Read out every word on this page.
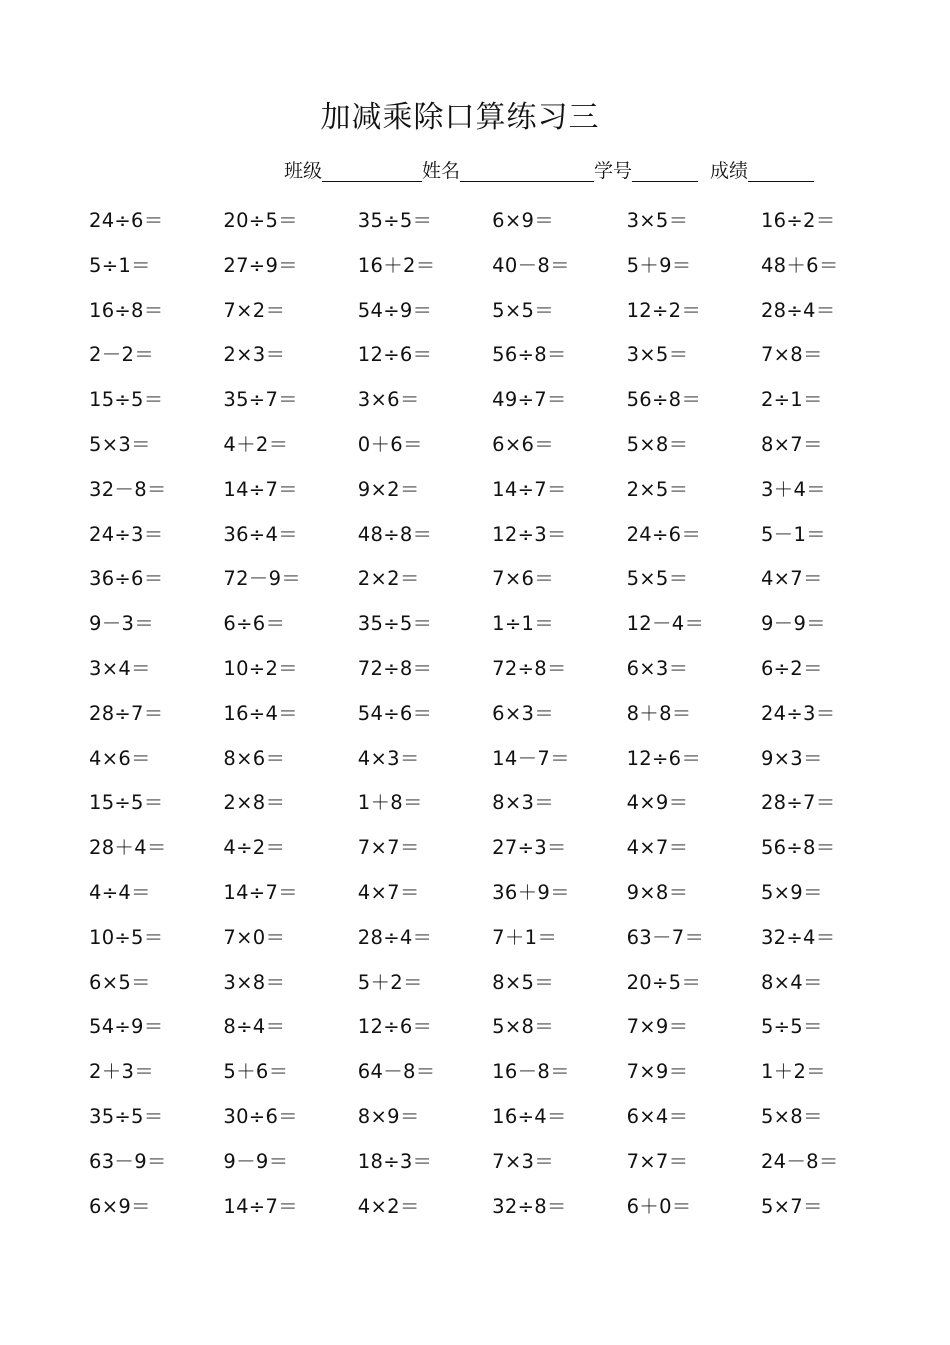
加减乘除口算练习三
班级	姓名	学号	成绩
24÷6＝	20÷5＝	35÷5＝	6×9＝	3×5＝	16÷2＝
5÷1＝	27÷9＝	16＋2＝	40－8＝	5＋9＝	48＋6＝
16÷8＝	7×2＝	54÷9＝	5×5＝	12÷2＝	28÷4＝
2－2＝	2×3＝	12÷6＝	56÷8＝	3×5＝	7×8＝
15÷5＝	35÷7＝	3×6＝	49÷7＝	56÷8＝	2÷1＝
5×3＝	4＋2＝	0＋6＝	6×6＝	5×8＝	8×7＝
32－8＝	14÷7＝	9×2＝	14÷7＝	2×5＝	3＋4＝
24÷3＝	36÷4＝	48÷8＝	12÷3＝	24÷6＝	5－1＝
36÷6＝	72－9＝	2×2＝	7×6＝	5×5＝	4×7＝
9－3＝	6÷6＝	35÷5＝	1÷1＝	12－4＝	9－9＝
3×4＝	10÷2＝	72÷8＝	72÷8＝	6×3＝	6÷2＝
28÷7＝	16÷4＝	54÷6＝	6×3＝	8＋8＝	24÷3＝
4×6＝	8×6＝	4×3＝	14－7＝	12÷6＝	9×3＝
15÷5＝	2×8＝	1＋8＝	8×3＝	4×9＝	28÷7＝
28＋4＝	4÷2＝	7×7＝	27÷3＝	4×7＝	56÷8＝
4÷4＝	14÷7＝	4×7＝	36＋9＝	9×8＝	5×9＝
10÷5＝	7×0＝	28÷4＝	7＋1＝	63－7＝	32÷4＝
6×5＝	3×8＝	5＋2＝	8×5＝	20÷5＝	8×4＝
54÷9＝	8÷4＝	12÷6＝	5×8＝	7×9＝	5÷5＝
2＋3＝	5＋6＝	64－8＝	16－8＝	7×9＝	1＋2＝
35÷5＝	30÷6＝	8×9＝	16÷4＝	6×4＝	5×8＝
63－9＝	9－9＝	18÷3＝	7×3＝	7×7＝	24－8＝
6×9＝	14÷7＝	4×2＝	32÷8＝	6＋0＝	5×7＝
